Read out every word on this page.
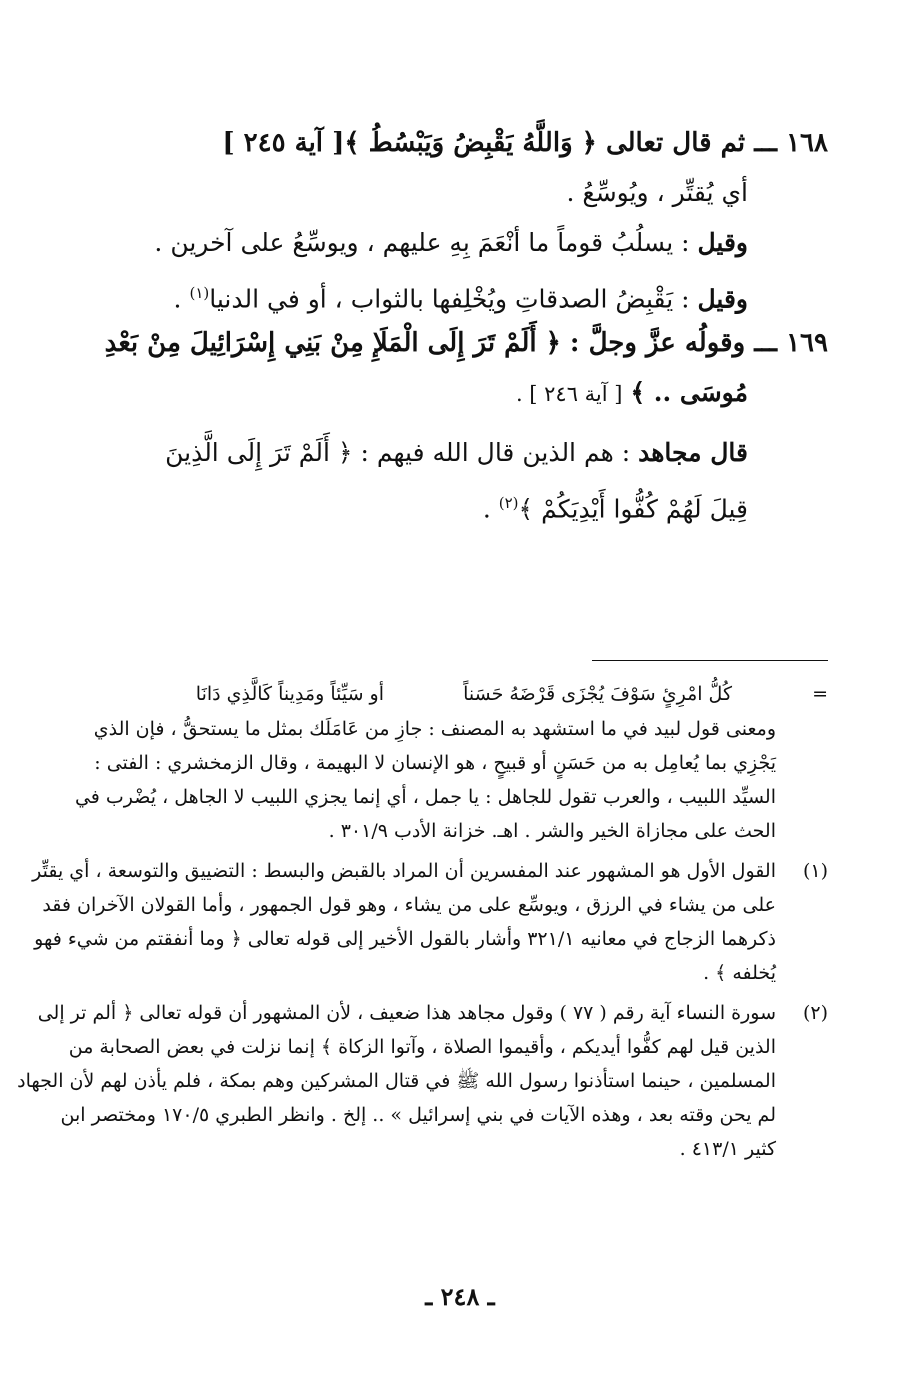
١٦٨ ـــ ثم قال تعالى ﴿ وَاللَّهُ يَقْبِضُ وَيَبْسُطُ ﴾[ آية ٢٤٥ ]
أي يُقتِّر ، ويُوسِّعُ .
وقيل : يسلُبُ قوماً ما أنْعَمَ بِهِ عليهم ، ويوسِّعُ على آخرين .
وقيل : يَقْبِضُ الصدقاتِ ويُخْلِفها بالثواب ، أو في الدنيا$^{(١)}$ .
١٦٩ ـــ وقولُه عزَّ وجلَّ : ﴿ أَلَمْ تَرَ إِلَى الْمَلَإِ مِنْ بَنِي إِسْرَائِيلَ مِنْ بَعْدِ
مُوسَى .. ﴾ [ آية ٢٤٦ ] .
قال مجاهد : هم الذين قال الله فيهم : ﴿ أَلَمْ تَرَ إِلَى الَّذِينَ
قِيلَ لَهُمْ كُفُّوا أَيْدِيَكُمْ ﴾$^{(٢)}$ .
=
كُلُّ امْرِئٍ سَوْفَ يُجْزَى قَرْضَهُ حَسَناً
أو سَيِّئاً ومَدِيناً كَالَّذِي دَانَا
ومعنى قول لبيد في ما استشهد به المصنف : جازِ من عَامَلَك بمثل ما يستحقُّ ، فإن الذي
يَجْزِي بما يُعامِل به من حَسَنٍ أو قبيحٍ ، هو الإنسان لا البهيمة ، وقال الزمخشري : الفتى :
السيِّد اللبيب ، والعرب تقول للجاهل : يا جمل ، أي إنما يجزي اللبيب لا الجاهل ، يُضْرب في
الحث على مجازاة الخير والشر . اهـ. خزانة الأدب ٣٠١/٩ .
(١)
القول الأول هو المشهور عند المفسرين أن المراد بالقبض والبسط : التضييق والتوسعة ، أي يقتِّر
على من يشاء في الرزق ، ويوسِّع على من يشاء ، وهو قول الجمهور ، وأما القولان الآخران فقد
ذكرهما الزجاج في معانيه ٣٢١/١ وأشار بالقول الأخير إلى قوله تعالى ﴿ وما أنفقتم من شيء فهو
يُخلفه ﴾ .
(٢)
سورة النساء آية رقم ( ٧٧ ) وقول مجاهد هذا ضعيف ، لأن المشهور أن قوله تعالى ﴿ ألم تر إلى
الذين قيل لهم كفُّوا أيديكم ، وأقيموا الصلاة ، وآتوا الزكاة ﴾ إنما نزلت في بعض الصحابة من
المسلمين ، حينما استأذنوا رسول الله ﷺ في قتال المشركين وهم بمكة ، فلم يأذن لهم لأن الجهاد
لم يحن وقته بعد ، وهذه الآيات في بني إسرائيل » .. إلخ . وانظر الطبري ١٧٠/٥ ومختصر ابن
كثير ٤١٣/١ .
ـ ٢٤٨ ـ
